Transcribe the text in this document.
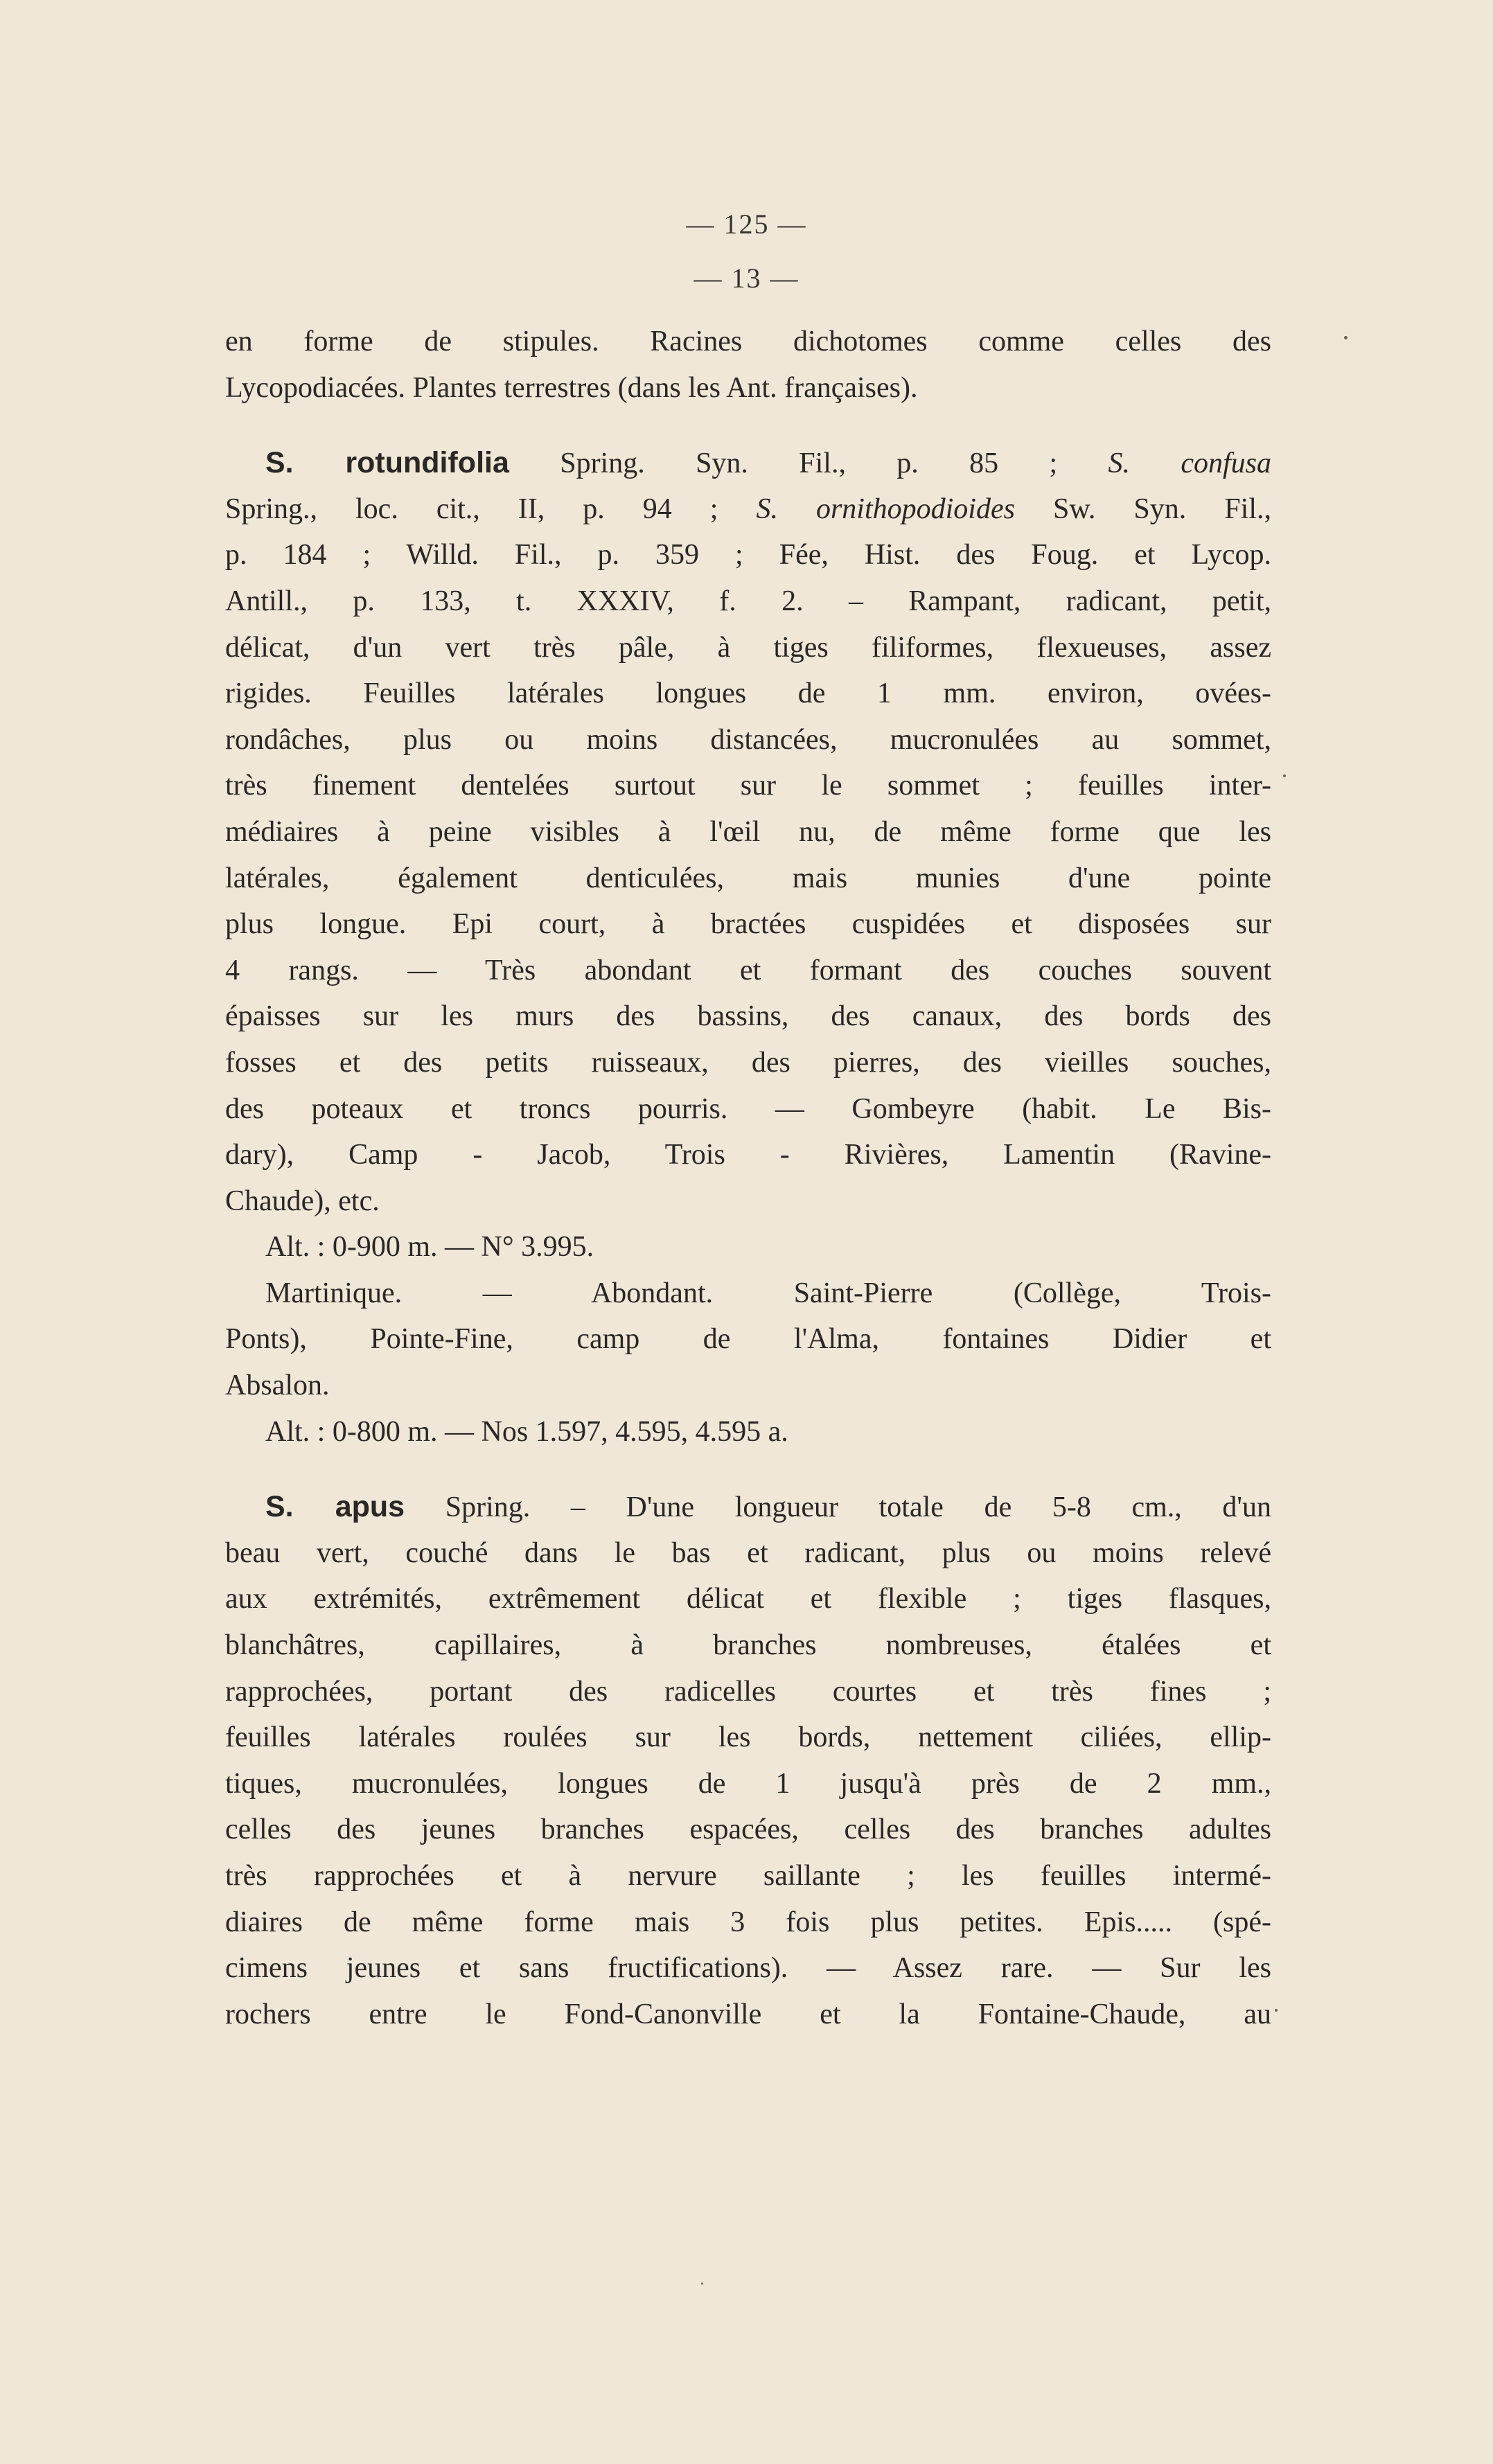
— 125 —
— 13 —
en forme de stipules. Racines dichotomes comme celles des
Lycopodiacées. Plantes terrestres (dans les Ant. françaises).
S. rotundifolia Spring. Syn. Fil., p. 85 ; S. confusa
Spring., loc. cit., II, p. 94 ; S. ornithopodioides Sw. Syn. Fil.,
p. 184 ; Willd. Fil., p. 359 ; Fée, Hist. des Foug. et Lycop.
Antill., p. 133, t. XXXIV, f. 2. – Rampant, radicant, petit,
délicat, d'un vert très pâle, à tiges filiformes, flexueuses, assez
rigides. Feuilles latérales longues de 1 mm. environ, ovées-
rondâches, plus ou moins distancées, mucronulées au sommet,
très finement dentelées surtout sur le sommet ; feuilles inter-
médiaires à peine visibles à l'œil nu, de même forme que les
latérales, également denticulées, mais munies d'une pointe
plus longue. Epi court, à bractées cuspidées et disposées sur
4 rangs. — Très abondant et formant des couches souvent
épaisses sur les murs des bassins, des canaux, des bords des
fosses et des petits ruisseaux, des pierres, des vieilles souches,
des poteaux et troncs pourris. — Gombeyre (habit. Le Bis-
dary), Camp - Jacob, Trois - Rivières, Lamentin (Ravine-
Chaude), etc.
Alt. : 0-900 m. — N° 3.995.
Martinique. — Abondant. Saint-Pierre (Collège, Trois-
Ponts), Pointe-Fine, camp de l'Alma, fontaines Didier et
Absalon.
Alt. : 0-800 m. — Nos 1.597, 4.595, 4.595 a.
S. apus Spring. – D'une longueur totale de 5-8 cm., d'un
beau vert, couché dans le bas et radicant, plus ou moins relevé
aux extrémités, extrêmement délicat et flexible ; tiges flasques,
blanchâtres, capillaires, à branches nombreuses, étalées et
rapprochées, portant des radicelles courtes et très fines ;
feuilles latérales roulées sur les bords, nettement ciliées, ellip-
tiques, mucronulées, longues de 1 jusqu'à près de 2 mm.,
celles des jeunes branches espacées, celles des branches adultes
très rapprochées et à nervure saillante ; les feuilles intermé-
diaires de même forme mais 3 fois plus petites. Epis..... (spé-
cimens jeunes et sans fructifications). — Assez rare. — Sur les
rochers entre le Fond-Canonville et la Fontaine-Chaude, au
